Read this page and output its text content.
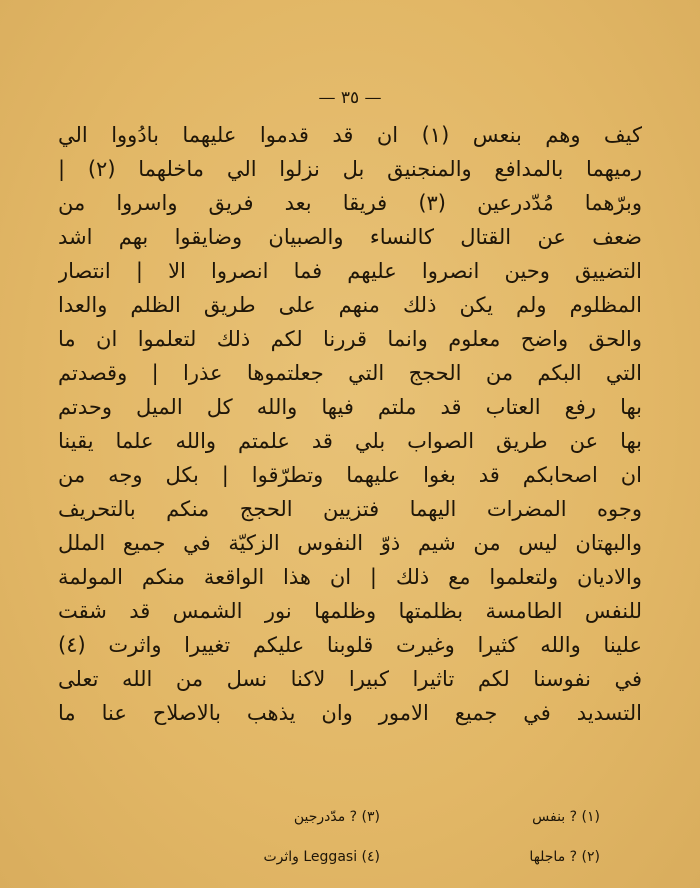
— ٣٥ —
كيف وهم بنعس (١) ان قد قدموا عليهما بادُووا الي
رميهما بالمدافع والمنجنيق بل نزلوا الي ماخلهما (٢) |
وبرّهما مُدّدرعين (٣) فريقا بعد فريق واسروا من
ضعف عن القتال كالنساء والصبيان وضايقوا بهم اشد
التضييق وحين انصروا عليهم فما انصروا الا | انتصار
المظلوم ولم يكن ذلك منهم على طريق الظلم والعدا
والحق واضح معلوم وانما قررنا لكم ذلك لتعلموا ان ما
التي البكم من الحجج التي جعلتموها عذرا | وقصدتم
بها رفع العتاب قد ملتم فيها والله كل الميل وحدتم
بها عن طريق الصواب بلي قد علمتم والله علما يقينا
ان اصحابكم قد بغوا عليهما وتطرّقوا | بكل وجه من
وجوه المضرات اليهما فتزيين الحجج منكم بالتحريف
والبهتان ليس من شيم ذوّ النفوس الزكيّة في جميع الملل
والاديان ولتعلموا مع ذلك | ان هذا الواقعة منكم المولمة
للنفس الطامسة بظلمتها وظلمها نور الشمس قد شقت
علينا والله كثيرا وغيرت قلوبنا عليكم تغييرا واثرت (٤)
في نفوسنا لكم تاثيرا كبيرا لاكنا نسل من الله تعلى
التسديد في جميع الامور وان يذهب بالاصلاح عنا ما
(١) ? بنفس
(٣) ? مدّدرجين
(٢) ? ماجلها
(٤) Leggasi واثرت
